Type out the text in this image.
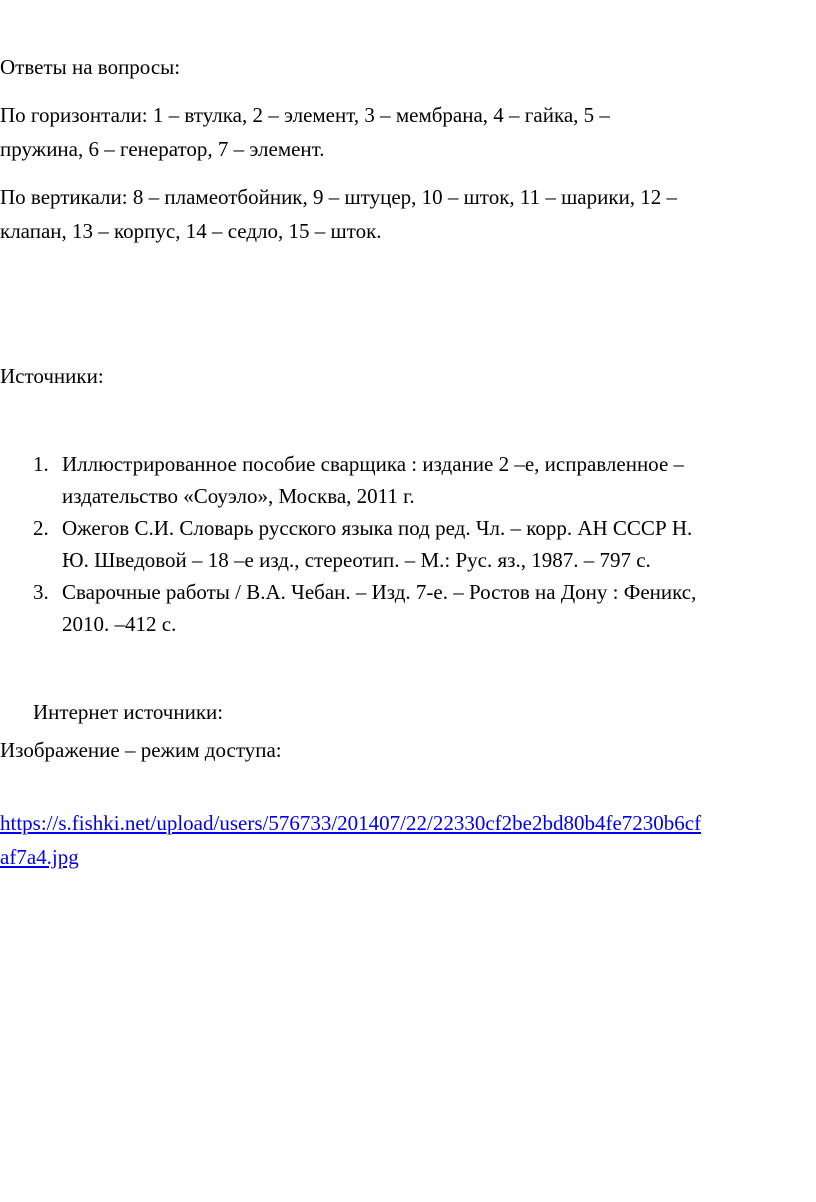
Ответы на вопросы:
По горизонтали: 1 – втулка, 2 – элемент, 3 – мембрана, 4 – гайка, 5 –
пружина, 6 – генератор, 7 – элемент.
По вертикали: 8 – пламеотбойник, 9 – штуцер, 10 – шток, 11 – шарики, 12 –
клапан, 13 – корпус, 14 – седло, 15 – шток.
Источники:
1. Иллюстрированное пособие сварщика : издание 2 –е, исправленное –
издательство «Соуэло», Москва, 2011 г.
2. Ожегов С.И. Словарь русского языка под ред. Чл. – корр. АН СССР Н.
Ю. Шведовой – 18 –е изд., стереотип. – М.: Рус. яз., 1987. – 797 с.
3. Сварочные работы / В.А. Чебан. – Изд. 7-е. – Ростов на Дону : Феникс,
2010. –412 с.
Интернет источники:
Изображение – режим доступа:
https://s.fishki.net/upload/users/576733/201407/22/22330cf2be2bd80b4fe7230b6cf
af7a4.jpg
